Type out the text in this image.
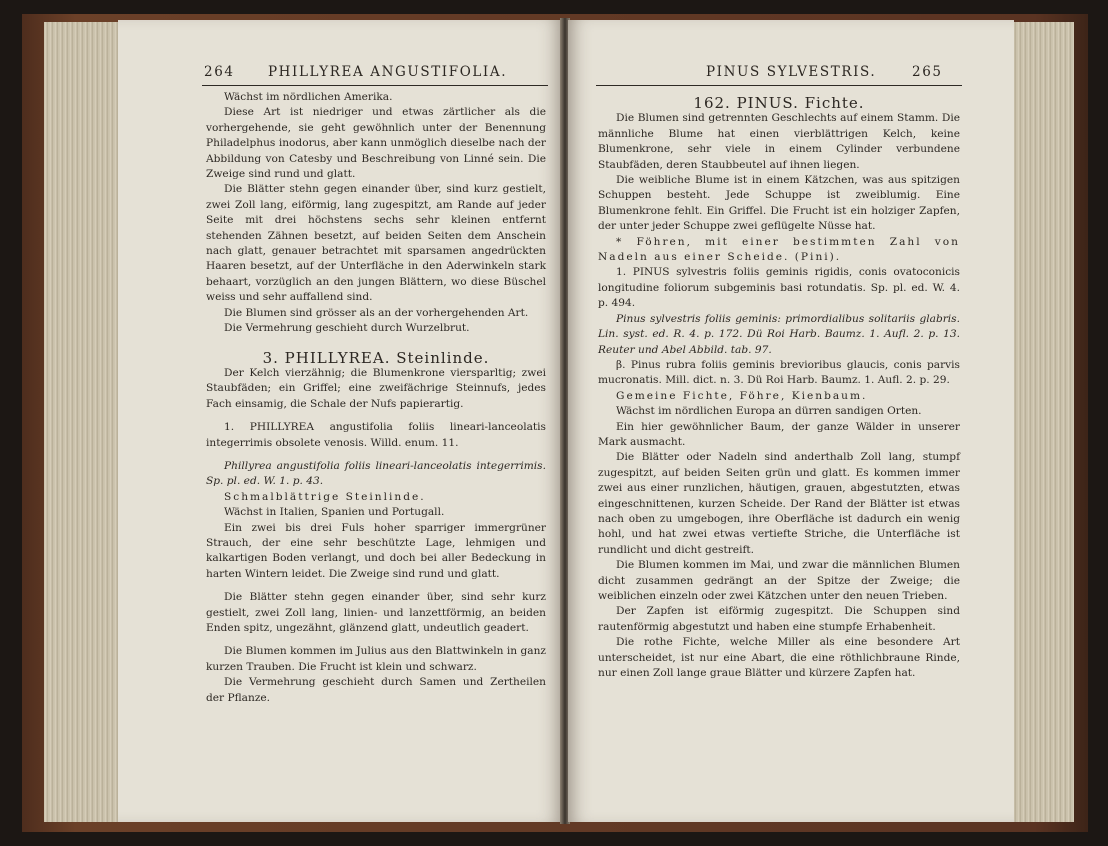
264 PHILLYREA ANGUSTIFOLIA.

Wächst im nördlichen Amerika.

Diese Art ist niedriger und etwas zärtlicher als die vorhergehende, sie geht gewöhnlich unter der Benennung Philadelphus inodorus, aber kann unmöglich dieselbe nach der Abbildung von Catesby und Beschreibung von Linné sein. Die Zweige sind rund und glatt.

Die Blätter stehn gegen einander über, sind kurz gestielt, zwei Zoll lang, eiförmig, lang zugespitzt, am Rande auf jeder Seite mit drei höchstens sechs sehr kleinen entfernt stehenden Zähnen besetzt, auf beiden Seiten dem Anschein nach glatt, genauer betrachtet mit sparsamen angedrückten Haaren besetzt, auf der Unterfläche in den Aderwinkeln stark behaart, vorzüglich an den jungen Blättern, wo diese Büschel weiss und sehr auffallend sind.

Die Blumen sind grösser als an der vorhergehenden Art.

Die Vermehrung geschieht durch Wurzelbrut.

3. PHILLYREA. Steinlinde.

Der Kelch vierzähnig; die Blumenkrone viersparltig; zwei Staubfäden; ein Griffel; eine zweifächrige Steinnufs, jedes Fach einsamig, die Schale der Nufs papierartig.

1. PHILLYREA angustifolia foliis lineari-lanceolatis integerrimis obsolete venosis. Willd. enum. 11.

Phillyrea angustifolia foliis lineari-lanceolatis integerrimis. Sp. pl. ed. W. 1. p. 43.

Schmalblättrige Steinlinde.

Wächst in Italien, Spanien und Portugall.

Ein zwei bis drei Fuls hoher sparriger immergrüner Strauch, der eine sehr beschützte Lage, lehmigen und kalkartigen Boden verlangt, und doch bei aller Bedeckung in harten Wintern leidet. Die Zweige sind rund und glatt.

Die Blätter stehn gegen einander über, sind sehr kurz gestielt, zwei Zoll lang, linien- und lanzettförmig, an beiden Enden spitz, ungezähnt, glänzend glatt, undeutlich geadert.

Die Blumen kommen im Julius aus den Blattwinkeln in ganz kurzen Trauben. Die Frucht ist klein und schwarz.

Die Vermehrung geschieht durch Samen und Zertheilen der Pflanze.

PINUS SYLVESTRIS.	265

162. PINUS. Fichte.

Die Blumen sind getrennten Geschlechts auf einem Stamm. Die männliche Blume hat einen vierblättrigen Kelch, keine Blumenkrone, sehr viele in einem Cylinder verbundene Staubfäden, deren Staubbeutel auf ihnen liegen.

Die weibliche Blume ist in einem Kätzchen, was aus spitzigen Schuppen besteht. Jede Schuppe ist zweiblumig. Eine Blumenkrone fehlt. Ein Griffel. Die Frucht ist ein holziger Zapfen, der unter jeder Schuppe zwei geflügelte Nüsse hat.

* Föhren, mit einer bestimmten Zahl von Nadeln aus einer Scheide. (Pini).

1. PINUS sylvestris foliis geminis rigidis, conis ovatoconicis longitudine foliorum subgeminis basi rotundatis. Sp. pl. ed. W. 4. p. 494.

Pinus sylvestris foliis geminis: primordialibus solitariis glabris. Lin. syst. ed. R. 4. p. 172. Dü Roi Harb. Baumz. 1. Aufl. 2. p. 13. Reuter und Abel Abbild. tab. 97.

β. Pinus rubra foliis geminis brevioribus glaucis, conis parvis mucronatis. Mill. dict. n. 3. Dü Roi Harb. Baumz. 1. Aufl. 2. p. 29.

Gemeine Fichte, Föhre, Kienbaum.

Wächst im nördlichen Europa an dürren sandigen Orten.

Ein hier gewöhnlicher Baum, der ganze Wälder in unserer Mark ausmacht.

Die Blätter oder Nadeln sind anderthalb Zoll lang, stumpf zugespitzt, auf beiden Seiten grün und glatt. Es kommen immer zwei aus einer runzlichen, häutigen, grauen, abgestutzten, etwas eingeschnittenen, kurzen Scheide. Der Rand der Blätter ist etwas nach oben zu umgebogen, ihre Oberfläche ist dadurch ein wenig hohl, und hat zwei etwas vertiefte Striche, die Unterfläche ist rundlicht und dicht gestreift.

Die Blumen kommen im Mai, und zwar die männlichen Blumen dicht zusammen gedrängt an der Spitze der Zweige; die weiblichen einzeln oder zwei Kätzchen unter den neuen Trieben.

Der Zapfen ist eiförmig zugespitzt. Die Schuppen sind rautenförmig abgestutzt und haben eine stumpfe Erhabenheit.

Die rothe Fichte, welche Miller als eine besondere Art unterscheidet, ist nur eine Abart, die eine röthlichbraune Rinde, nur einen Zoll lange graue Blätter und kürzere Zapfen hat.
